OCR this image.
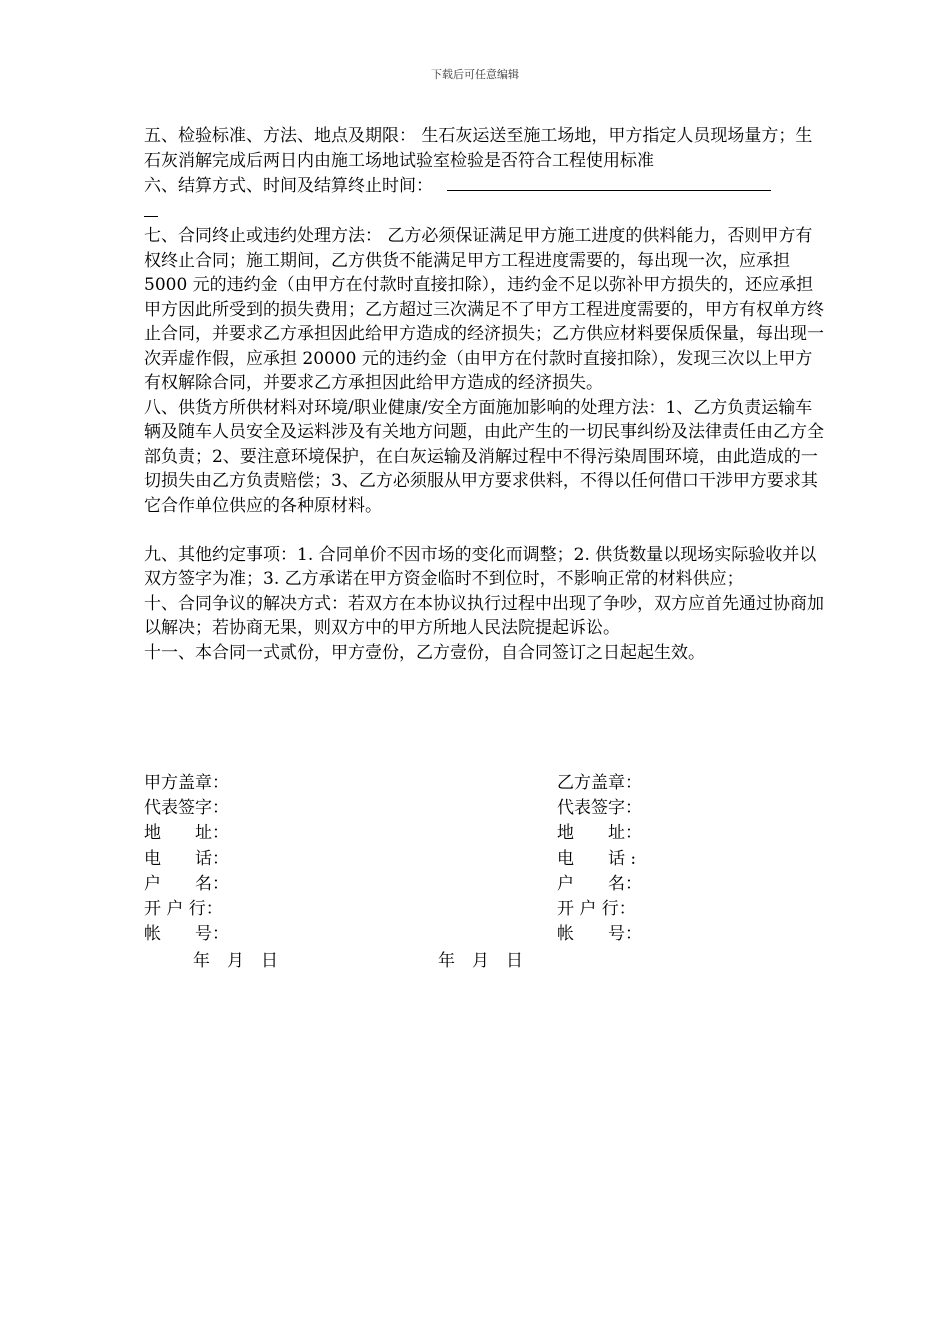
下载后可任意编辑

五、检验标准、方法、地点及期限： 生石灰运送至施工场地，甲方指定人员现场量方；生石灰消解完成后两日内由施工场地试验室检验是否符合工程使用标准

六、结算方式、时间及结算终止时间：

七、合同终止或违约处理方法： 乙方必须保证满足甲方施工进度的供料能力，否则甲方有权终止合同；施工期间，乙方供货不能满足甲方工程进度需要的，每出现一次，应承担 5000 元的违约金（由甲方在付款时直接扣除），违约金不足以弥补甲方损失的，还应承担甲方因此所受到的损失费用；乙方超过三次满足不了甲方工程进度需要的，甲方有权单方终止合同，并要求乙方承担因此给甲方造成的经济损失；乙方供应材料要保质保量，每出现一次弄虚作假，应承担 20000 元的违约金（由甲方在付款时直接扣除），发现三次以上甲方有权解除合同，并要求乙方承担因此给甲方造成的经济损失。

八、供货方所供材料对环境/职业健康/安全方面施加影响的处理方法：1、乙方负责运输车辆及随车人员安全及运料涉及有关地方问题，由此产生的一切民事纠纷及法律责任由乙方全部负责；2、要注意环境保护，在白灰运输及消解过程中不得污染周围环境，由此造成的一切损失由乙方负责赔偿；3、乙方必须服从甲方要求供料，不得以任何借口干涉甲方要求其它合作单位供应的各种原材料。

九、其他约定事项：1. 合同单价不因市场的变化而调整；2. 供货数量以现场实际验收并以双方签字为准；3. 乙方承诺在甲方资金临时不到位时，不影响正常的材料供应；

十、合同争议的解决方式：若双方在本协议执行过程中出现了争吵，双方应首先通过协商加以解决；若协商无果，则双方中的甲方所地人民法院提起诉讼。

十一、本合同一式贰份，甲方壹份，乙方壹份，自合同签订之日起起生效。

甲方盖章：
代表签字：
地　　址：
电　　话：
户　　名：
开 户 行：
帐　　号：
乙方盖章：
代表签字：
地　　址：
电　　话 :
户　　名：
开 户 行：
帐　　号：
年　月　日	年　月　日
